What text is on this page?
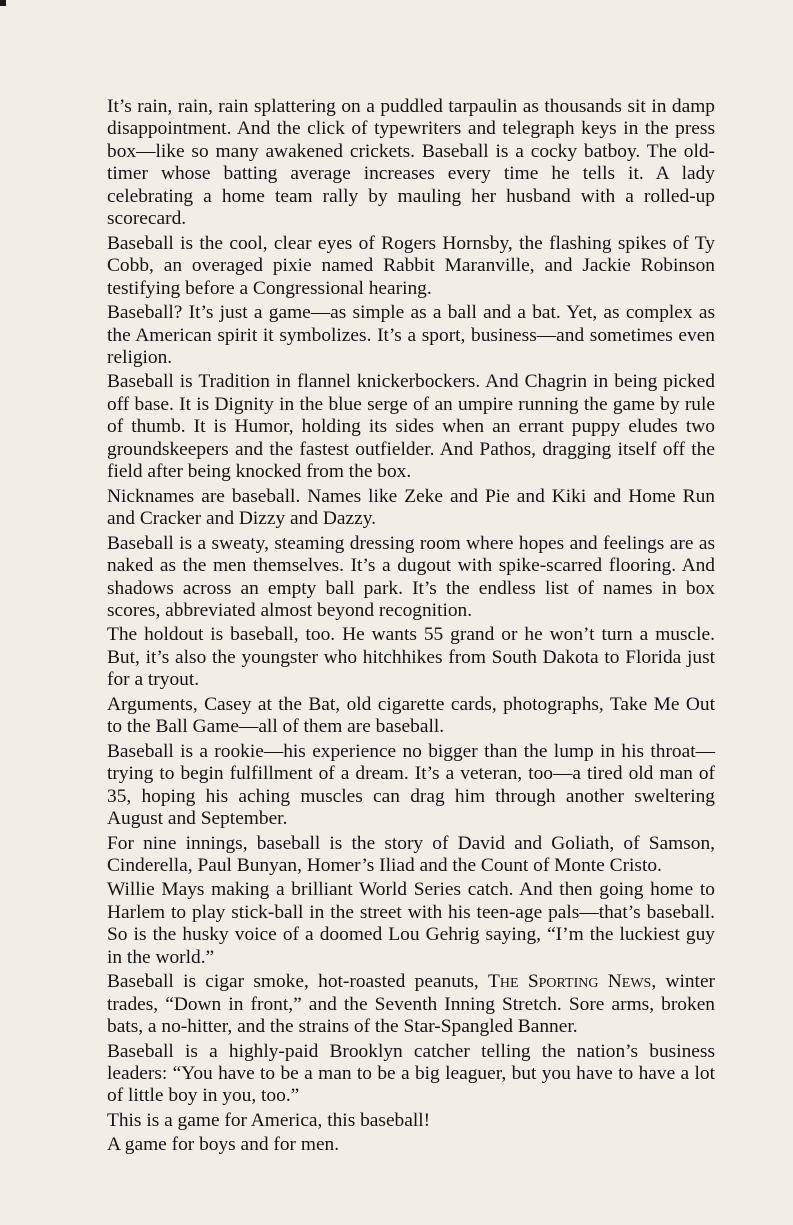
It’s rain, rain, rain splattering on a puddled tarpaulin as thousands sit in damp disappointment. And the click of typewriters and telegraph keys in the press box—like so many awakened crickets. Baseball is a cocky batboy. The old-timer whose batting average increases every time he tells it. A lady celebrating a home team rally by mauling her husband with a rolled-up scorecard.

Baseball is the cool, clear eyes of Rogers Hornsby, the flashing spikes of Ty Cobb, an overaged pixie named Rabbit Maranville, and Jackie Robinson testifying before a Congressional hearing.

Baseball? It’s just a game—as simple as a ball and a bat. Yet, as complex as the American spirit it symbolizes. It’s a sport, business—and sometimes even religion.

Baseball is Tradition in flannel knickerbockers. And Chagrin in being picked off base. It is Dignity in the blue serge of an umpire running the game by rule of thumb. It is Humor, holding its sides when an errant puppy eludes two groundskeepers and the fastest outfielder. And Pathos, dragging itself off the field after being knocked from the box.

Nicknames are baseball. Names like Zeke and Pie and Kiki and Home Run and Cracker and Dizzy and Dazzy.

Baseball is a sweaty, steaming dressing room where hopes and feelings are as naked as the men themselves. It’s a dugout with spike-scarred flooring. And shadows across an empty ball park. It’s the endless list of names in box scores, abbreviated almost beyond recognition.

The holdout is baseball, too. He wants 55 grand or he won’t turn a muscle. But, it’s also the youngster who hitchhikes from South Dakota to Florida just for a tryout.

Arguments, Casey at the Bat, old cigarette cards, photographs, Take Me Out to the Ball Game—all of them are baseball.

Baseball is a rookie—his experience no bigger than the lump in his throat—trying to begin fulfillment of a dream. It’s a veteran, too—a tired old man of 35, hoping his aching muscles can drag him through another sweltering August and September.

For nine innings, baseball is the story of David and Goliath, of Samson, Cinderella, Paul Bunyan, Homer’s Iliad and the Count of Monte Cristo.

Willie Mays making a brilliant World Series catch. And then going home to Harlem to play stick-ball in the street with his teen-age pals—that’s baseball. So is the husky voice of a doomed Lou Gehrig saying, “I’m the luckiest guy in the world.”

Baseball is cigar smoke, hot-roasted peanuts, The Sporting News, winter trades, “Down in front,” and the Seventh Inning Stretch. Sore arms, broken bats, a no-hitter, and the strains of the Star-Spangled Banner.

Baseball is a highly-paid Brooklyn catcher telling the nation’s business leaders: “You have to be a man to be a big leaguer, but you have to have a lot of little boy in you, too.”

This is a game for America, this baseball!

A game for boys and for men.
